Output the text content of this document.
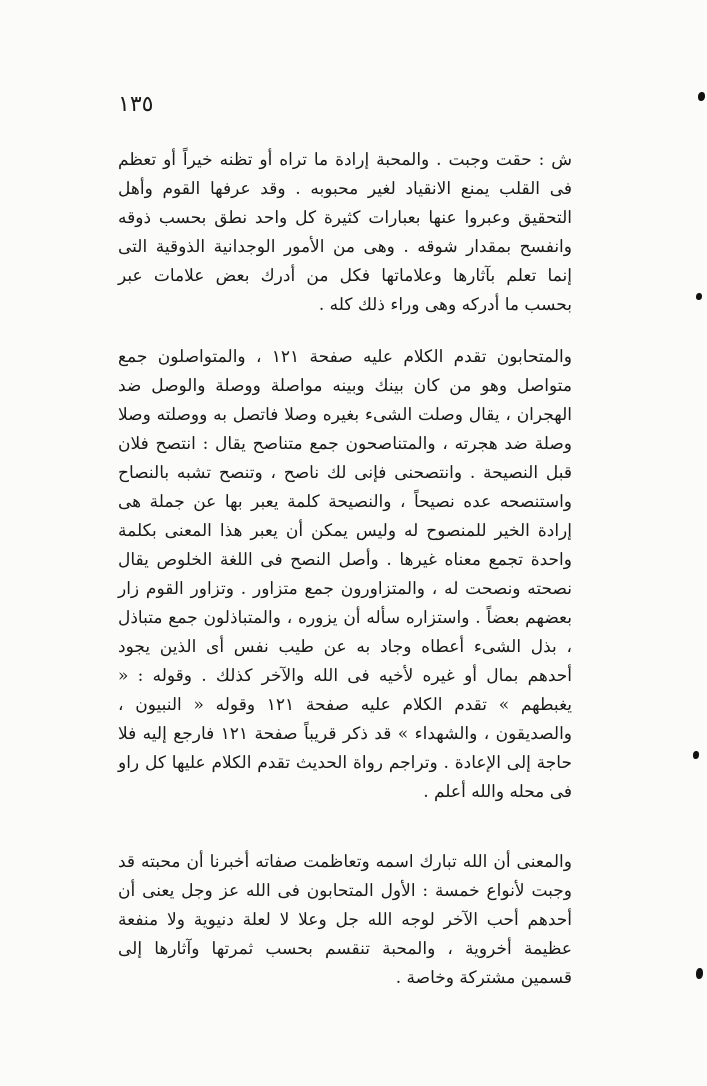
١٣٥

ش : حقت وجبت . والمحبة إرادة ما تراه أو تظنه خيراً أو تعظم فى القلب يمنع الانقياد لغير محبوبه . وقد عرفها القوم وأهل التحقيق وعبروا عنها بعبارات كثيرة كل واحد نطق بحسب ذوقه وانفسح بمقدار شوقه . وهى من الأمور الوجدانية الذوقية التى إنما تعلم بآثارها وعلاماتها فكل من أدرك بعض علامات عبر بحسب ما أدركه وهى وراء ذلك كله .

والمتحابون تقدم الكلام عليه صفحة ١٢١ ، والمتواصلون جمع متواصل وهو من كان بينك وبينه مواصلة ووصلة والوصل ضد الهجران ، يقال وصلت الشىء بغيره وصلا فاتصل به ووصلته وصلا وصلة ضد هجرته ، والمتناصحون جمع متناصح يقال : انتصح فلان قبل النصيحة . وانتصحنى فإنى لك ناصح ، وتنصح تشبه بالنصاح واستنصحه عده نصيحاً ، والنصيحة كلمة يعبر بها عن جملة هى إرادة الخير للمنصوح له وليس يمكن أن يعبر هذا المعنى بكلمة واحدة تجمع معناه غيرها . وأصل النصح فى اللغة الخلوص يقال نصحته ونصحت له ، والمتزاورون جمع متزاور . وتزاور القوم زار بعضهم بعضاً . واستزاره سأله أن يزوره ، والمتباذلون جمع متباذل ، بذل الشىء أعطاه وجاد به عن طيب نفس أى الذين يجود أحدهم بمال أو غيره لأخيه فى الله والآخر كذلك . وقوله : « يغبطهم » تقدم الكلام عليه صفحة ١٢١ وقوله « النبيون ، والصديقون ، والشهداء » قد ذكر قريباً صفحة ١٢١ فارجع إليه فلا حاجة إلى الإعادة . وتراجم رواة الحديث تقدم الكلام عليها كل راو فى محله والله أعلم .

والمعنى أن الله تبارك اسمه وتعاظمت صفاته أخبرنا أن محبته قد وجبت لأنواع خمسة : الأول المتحابون فى الله عز وجل يعنى أن أحدهم أحب الآخر لوجه الله جل وعلا لا لعلة دنيوية ولا منفعة عظيمة أخروية ، والمحبة تنقسم بحسب ثمرتها وآثارها إلى قسمين مشتركة وخاصة .
